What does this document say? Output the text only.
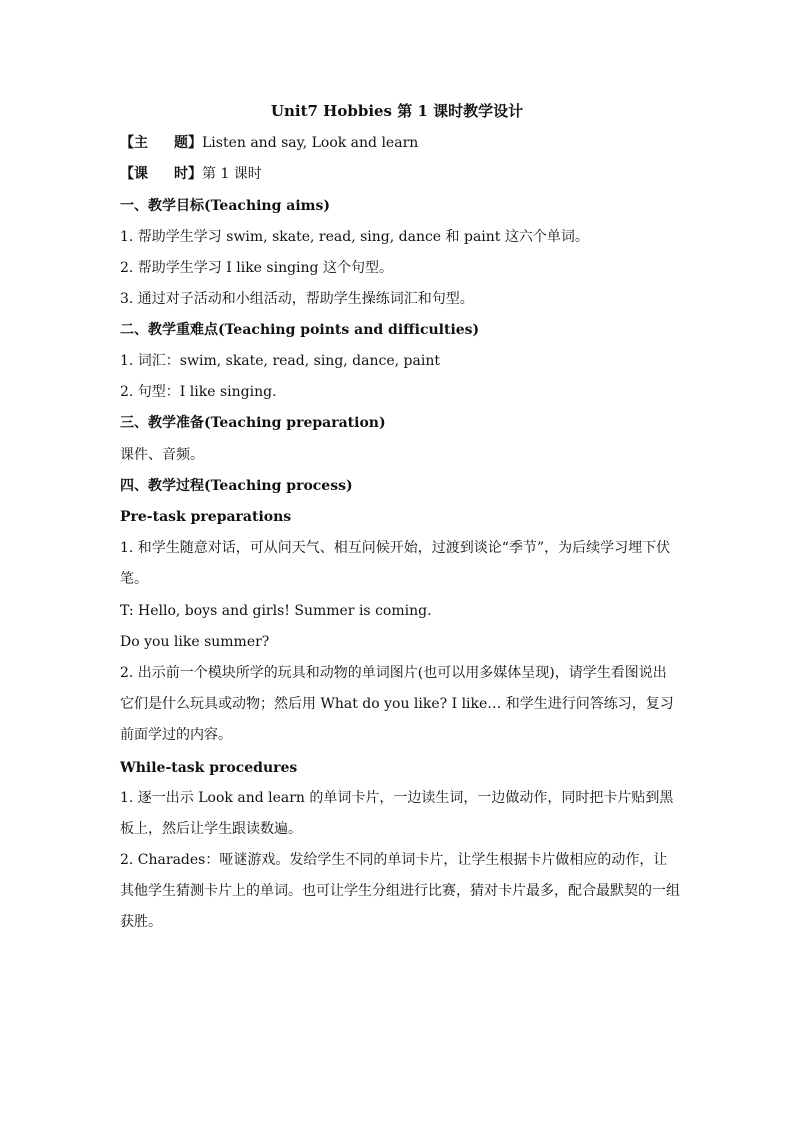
Unit7 Hobbies 第 1 课时教学设计
【主 题】Listen and say, Look and learn
【课 时】第 1 课时
一、教学目标(Teaching aims)
1. 帮助学生学习 swim, skate, read, sing, dance 和 paint 这六个单词。
2. 帮助学生学习 I like singing 这个句型。
3. 通过对子活动和小组活动，帮助学生操练词汇和句型。
二、教学重难点(Teaching points and difficulties)
1. 词汇：swim, skate, read, sing, dance, paint
2. 句型：I like singing.
三、教学准备(Teaching preparation)
课件、音频。
四、教学过程(Teaching process)
Pre-task preparations
1. 和学生随意对话，可从问天气、相互问候开始，过渡到谈论“季节”，为后续学习埋下伏笔。
T: Hello, boys and girls! Summer is coming.
Do you like summer?
2. 出示前一个模块所学的玩具和动物的单词图片(也可以用多媒体呈现)，请学生看图说出它们是什么玩具或动物；然后用 What do you like? I like… 和学生进行问答练习，复习前面学过的内容。
While-task procedures
1. 逐一出示 Look and learn 的单词卡片，一边读生词，一边做动作，同时把卡片贴到黑板上，然后让学生跟读数遍。
2. Charades：哑谜游戏。发给学生不同的单词卡片，让学生根据卡片做相应的动作，让其他学生猜测卡片上的单词。也可让学生分组进行比赛，猜对卡片最多，配合最默契的一组获胜。
